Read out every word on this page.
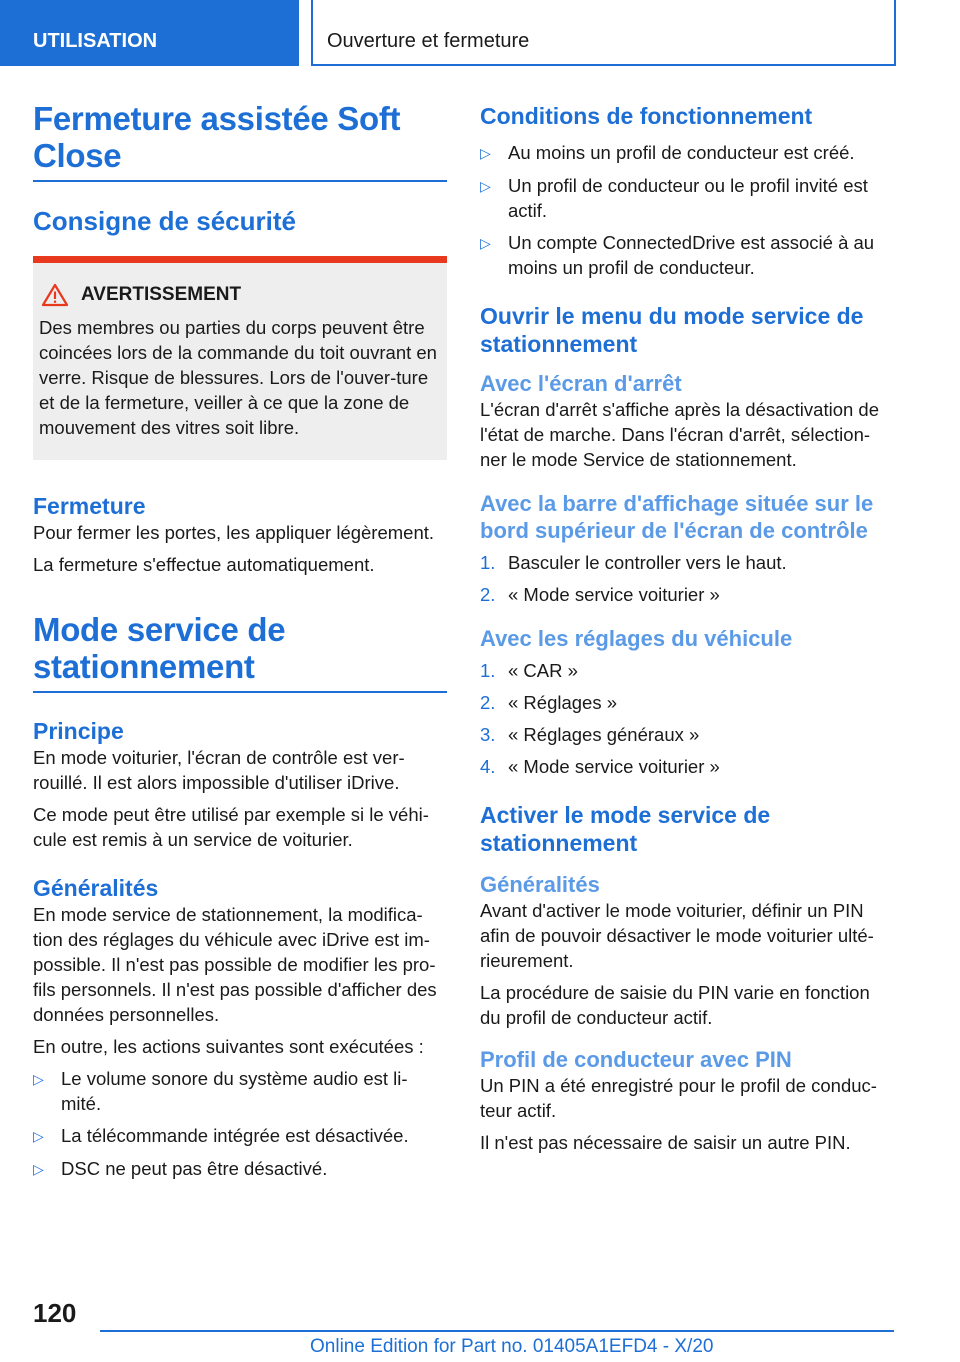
UTILISATION	Ouverture et fermeture
Fermeture assistée Soft Close
Consigne de sécurité
AVERTISSEMENT

Des membres ou parties du corps peuvent être coincées lors de la commande du toit ouvrant en verre. Risque de blessures. Lors de l'ouver-ture et de la fermeture, veiller à ce que la zone de mouvement des vitres soit libre.

Fermeture

Pour fermer les portes, les appliquer légèrement.

La fermeture s'effectue automatiquement.

Mode service de stationnement
Principe

En mode voiturier, l'écran de contrôle est ver-rouillé. Il est alors impossible d'utiliser iDrive.

Ce mode peut être utilisé par exemple si le véhi-cule est remis à un service de voiturier.

Généralités

En mode service de stationnement, la modifica-tion des réglages du véhicule avec iDrive est im-possible. Il n'est pas possible de modifier les pro-fils personnels. Il n'est pas possible d'afficher des données personnelles.

En outre, les actions suivantes sont exécutées :

▷ Le volume sonore du système audio est li-mité.
▷ La télécommande intégrée est désactivée.
▷ DSC ne peut pas être désactivé.
Conditions de fonctionnement
▷ Au moins un profil de conducteur est créé.
▷ Un profil de conducteur ou le profil invité est actif.
▷ Un compte ConnectedDrive est associé à au moins un profil de conducteur.
Ouvrir le menu du mode service de stationnement
Avec l'écran d'arrêt

L'écran d'arrêt s'affiche après la désactivation de l'état de marche. Dans l'écran d'arrêt, sélection-ner le mode Service de stationnement.

Avec la barre d'affichage située sur le bord supérieur de l'écran de contrôle
1. Basculer le controller vers le haut.
2. « Mode service voiturier »
Avec les réglages du véhicule
1. « CAR »
2. « Réglages »
3. « Réglages généraux »
4. « Mode service voiturier »
Activer le mode service de stationnement
Généralités

Avant d'activer le mode voiturier, définir un PIN afin de pouvoir désactiver le mode voiturier ulté-rieurement.

La procédure de saisie du PIN varie en fonction du profil de conducteur actif.

Profil de conducteur avec PIN

Un PIN a été enregistré pour le profil de conduc-teur actif.

Il n'est pas nécessaire de saisir un autre PIN.

120
Online Edition for Part no. 01405A1EFD4 - X/20
